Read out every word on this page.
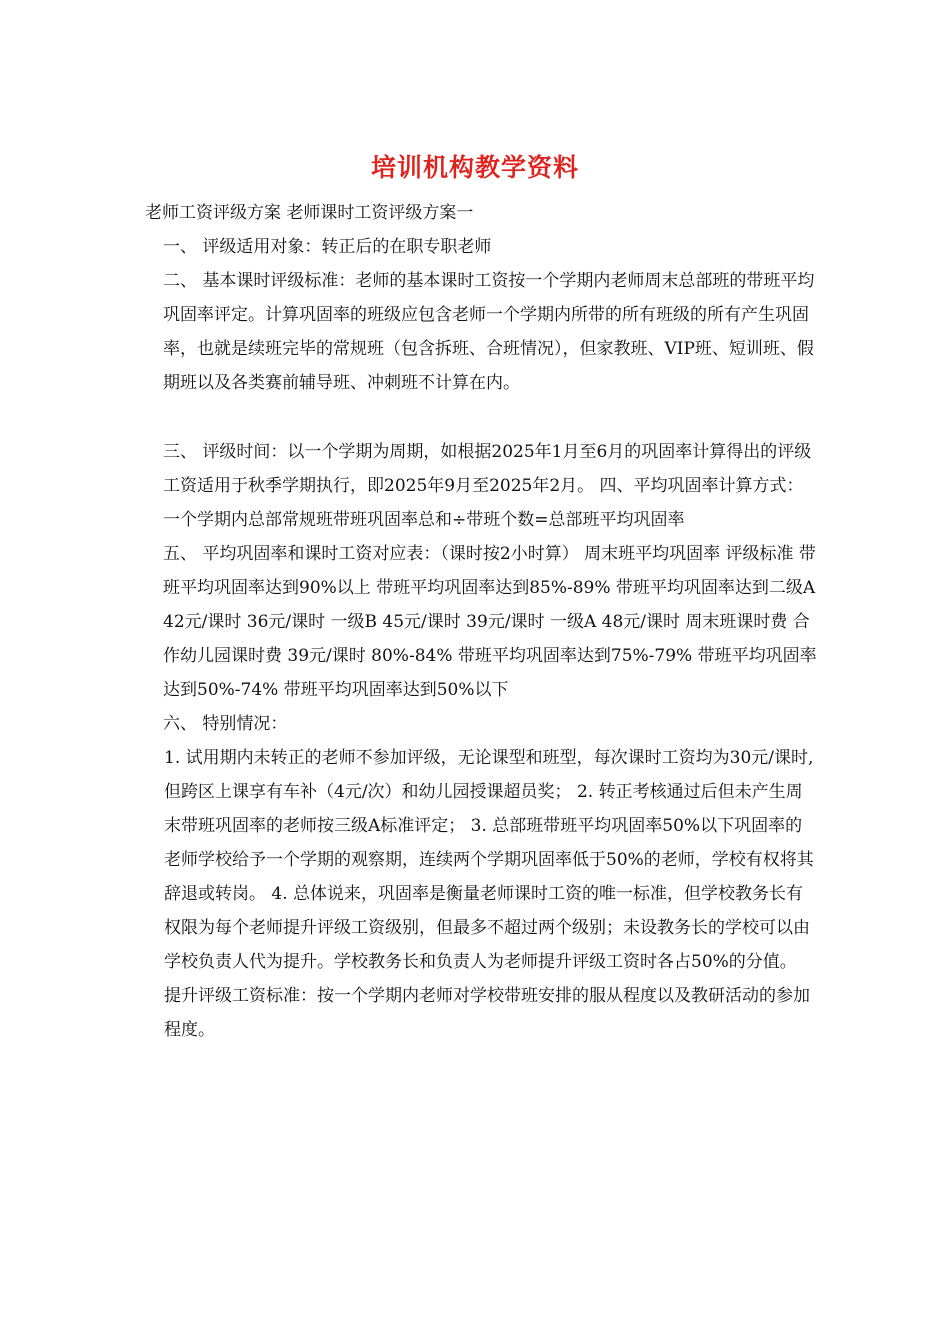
培训机构教学资料

老师工资评级方案 老师课时工资评级方案一

一、 评级适用对象：转正后的在职专职老师

二、 基本课时评级标准：老师的基本课时工资按一个学期内老师周末总部班的带班平均巩固率评定。计算巩固率的班级应包含老师一个学期内所带的所有班级的所有产生巩固率，也就是续班完毕的常规班（包含拆班、合班情况），但家教班、VIP班、短训班、假期班以及各类赛前辅导班、冲刺班不计算在内。

三、 评级时间：以一个学期为周期，如根据2025年1月至6月的巩固率计算得出的评级工资适用于秋季学期执行，即2025年9月至2025年2月。 四、平均巩固率计算方式：

一个学期内总部常规班带班巩固率总和÷带班个数=总部班平均巩固率

五、 平均巩固率和课时工资对应表：（课时按2小时算） 周末班平均巩固率 评级标准 带班平均巩固率达到90%以上 带班平均巩固率达到85%-89% 带班平均巩固率达到二级A 42元/课时 36元/课时 一级B 45元/课时 39元/课时 一级A 48元/课时 周末班课时费 合作幼儿园课时费 39元/课时 80%-84% 带班平均巩固率达到75%-79% 带班平均巩固率达到50%-74% 带班平均巩固率达到50%以下

六、 特别情况：

1. 试用期内未转正的老师不参加评级，无论课型和班型，每次课时工资均为30元/课时,但跨区上课享有车补（4元/次）和幼儿园授课超员奖； 2. 转正考核通过后但未产生周末带班巩固率的老师按三级A标准评定； 3. 总部班带班平均巩固率50%以下巩固率的老师学校给予一个学期的观察期，连续两个学期巩固率低于50%的老师，学校有权将其辞退或转岗。 4. 总体说来，巩固率是衡量老师课时工资的唯一标准，但学校教务长有权限为每个老师提升评级工资级别，但最多不超过两个级别；未设教务长的学校可以由学校负责人代为提升。学校教务长和负责人为老师提升评级工资时各占50%的分值。 提升评级工资标准：按一个学期内老师对学校带班安排的服从程度以及教研活动的参加程度。
